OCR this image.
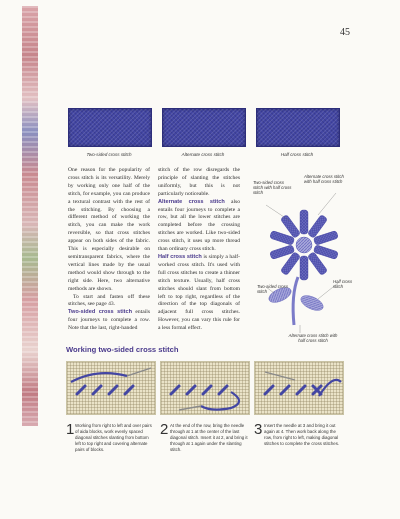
45
Two-sided cross stitch	Alternate cross stitch	Half cross stitch

One reason for the popularity of cross stitch is its versatility. Merely by working only one half of the stitch, for example, you can produce a textural contrast with the rest of the stitching. By choosing a different method of working the stitch, you can make the work reversible, so that cross stitches appear on both sides of the fabric. This is especially desirable on semitransparent fabrics, where the vertical lines made by the usual method would show through to the right side. Here, two alternative methods are shown.

To start and fasten off these stitches, see page 43.

Two-sided cross stitch entails four journeys to complete a row. Note that the last, right-handed

stitch of the row disregards the principle of slanting the stitches uniformly, but this is not particularly noticeable.

Alternate cross stitch also entails four journeys to complete a row, but all the lower stitches are completed before the crossing stitches are worked. Like two-sided cross stitch, it uses up more thread than ordinary cross stitch.

Half cross stitch is simply a half-worked cross stitch. It's used with full cross stitches to create a thinner stitch texture. Usually, half cross stitches should slant from bottom left to top right, regardless of the direction of the top diagonals of adjacent full cross stitches. However, you can vary this rule for a less formal effect.

Two-sided cross stitch with half cross stitch
Alternate cross stitch with half cross stitch
Two-sided cross stitch
Half cross stitch
Alternate cross stitch with half cross stitch
Working two-sided cross stitch
1 Working from right to left and over pairs of aida blocks, work evenly spaced diagonal stitches slanting from bottom left to top right and covering alternate pairs of blocks.
2 At the end of the row, bring the needle through at 1 at the center of the last diagonal stitch. Insert it at 2, and bring it through at 1 again under the slanting stitch.
3 Insert the needle at 3 and bring it out again at 4. Then work back along the row, from right to left, making diagonal stitches to complete the cross stitches.
